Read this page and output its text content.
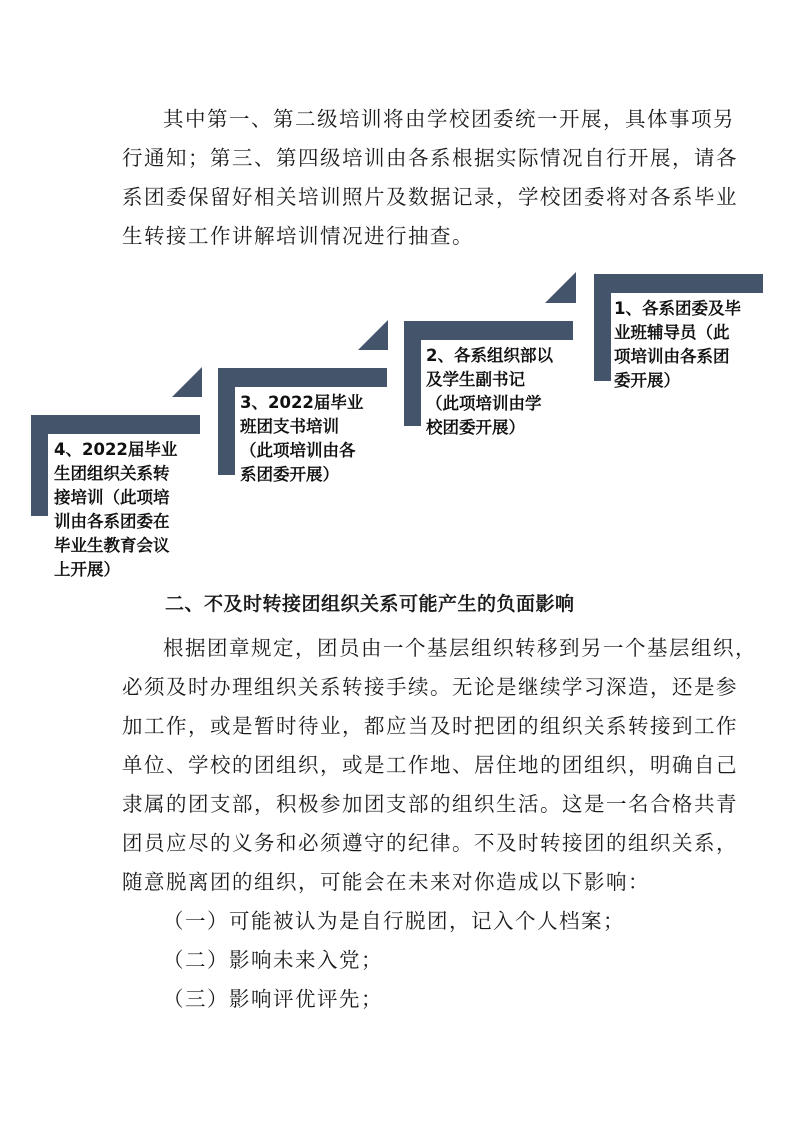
其中第一、第二级培训将由学校团委统一开展，具体事项另
行通知；第三、第四级培训由各系根据实际情况自行开展，请各
系团委保留好相关培训照片及数据记录，学校团委将对各系毕业
生转接工作讲解培训情况进行抽查。
1、各系团委及毕
业班辅导员（此
项培训由各系团
委开展）
2、各系组织部以
及学生副书记
（此项培训由学
校团委开展）
3、2022届毕业
班团支书培训
（此项培训由各
系团委开展）
4、2022届毕业
生团组织关系转
接培训（此项培
训由各系团委在
毕业生教育会议
上开展）
二、不及时转接团组织关系可能产生的负面影响
根据团章规定，团员由一个基层组织转移到另一个基层组织，
必须及时办理组织关系转接手续。无论是继续学习深造，还是参
加工作，或是暂时待业，都应当及时把团的组织关系转接到工作
单位、学校的团组织，或是工作地、居住地的团组织，明确自己
隶属的团支部，积极参加团支部的组织生活。这是一名合格共青
团员应尽的义务和必须遵守的纪律。不及时转接团的组织关系，
随意脱离团的组织，可能会在未来对你造成以下影响：
（一）可能被认为是自行脱团，记入个人档案；
（二）影响未来入党；
（三）影响评优评先；
